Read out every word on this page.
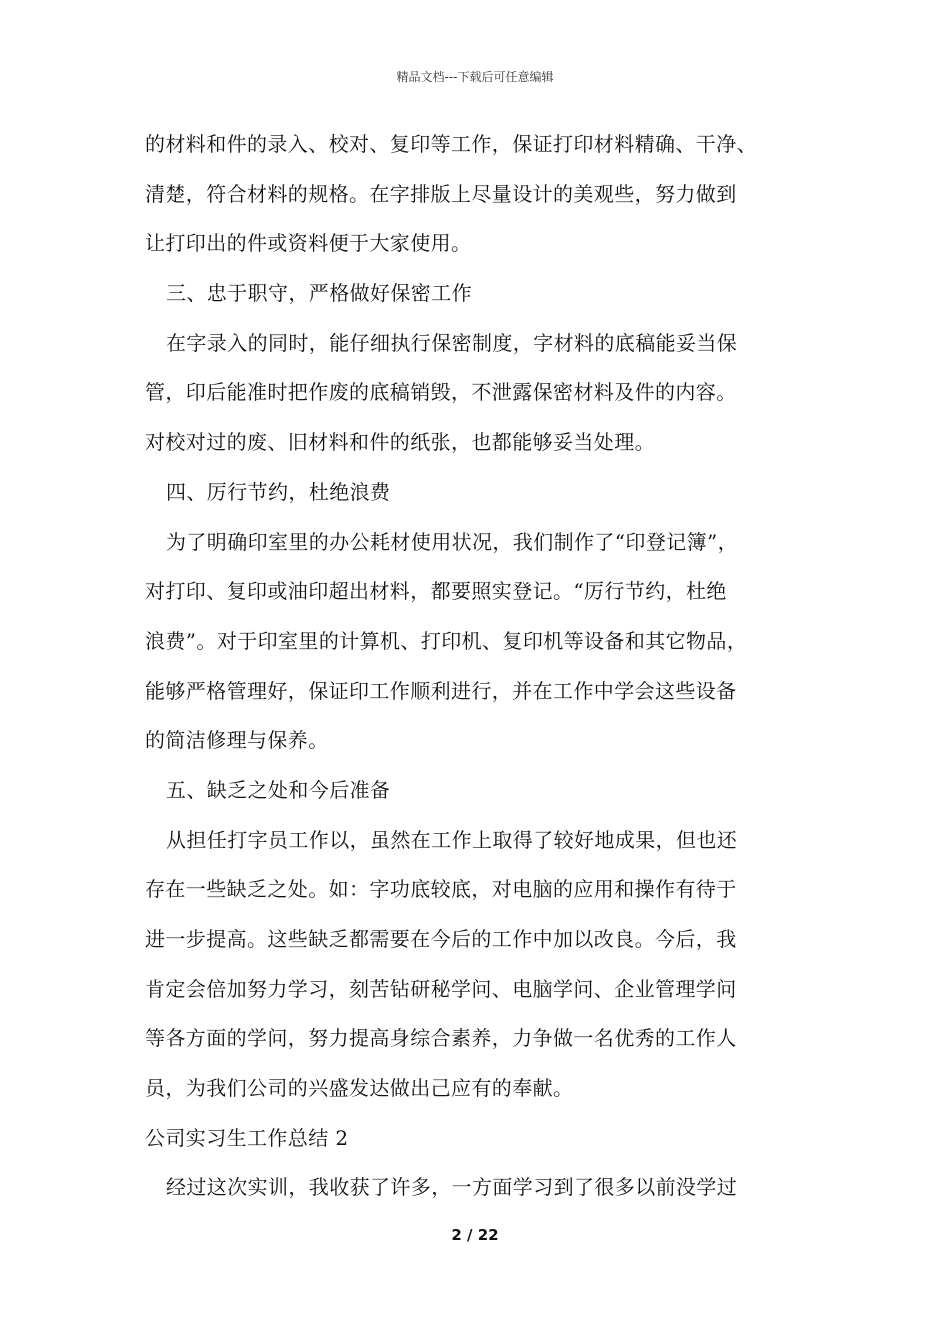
精品文档---下载后可任意编辑
的材料和件的录入、校对、复印等工作，保证打印材料精确、干净、
清楚，符合材料的规格。在字排版上尽量设计的美观些，努力做到
让打印出的件或资料便于大家使用。
三、忠于职守，严格做好保密工作
在字录入的同时，能仔细执行保密制度，字材料的底稿能妥当保
管，印后能准时把作废的底稿销毁，不泄露保密材料及件的内容。
对校对过的废、旧材料和件的纸张，也都能够妥当处理。
四、厉行节约，杜绝浪费
为了明确印室里的办公耗材使用状况，我们制作了“印登记簿”，
对打印、复印或油印超出材料，都要照实登记。“厉行节约，杜绝
浪费”。对于印室里的计算机、打印机、复印机等设备和其它物品，
能够严格管理好，保证印工作顺利进行，并在工作中学会这些设备
的简洁修理与保养。
五、缺乏之处和今后准备
从担任打字员工作以，虽然在工作上取得了较好地成果，但也还
存在一些缺乏之处。如：字功底较底，对电脑的应用和操作有待于
进一步提高。这些缺乏都需要在今后的工作中加以改良。今后，我
肯定会倍加努力学习，刻苦钻研秘学问、电脑学问、企业管理学问
等各方面的学问，努力提高身综合素养，力争做一名优秀的工作人
员，为我们公司的兴盛发达做出己应有的奉献。
公司实习生工作总结 2
经过这次实训，我收获了许多，一方面学习到了很多以前没学过
2 / 22
